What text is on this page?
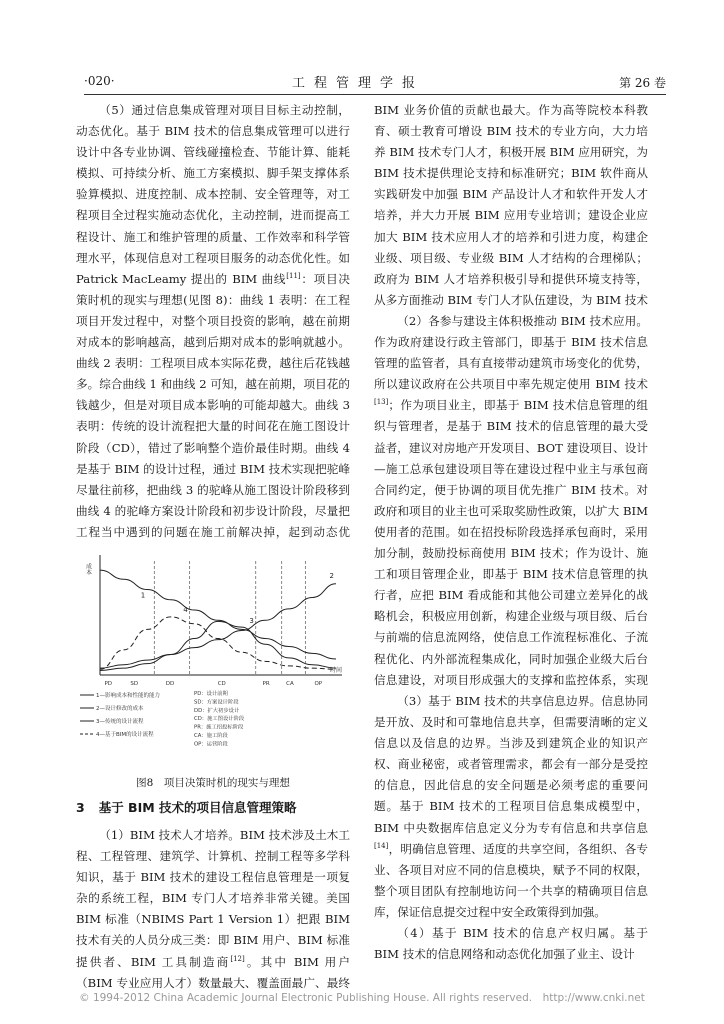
·020·	工程管理学报	第 26 卷

（5）通过信息集成管理对项目目标主动控制，动态优化。基于 BIM 技术的信息集成管理可以进行设计中各专业协调、管线碰撞检查、节能计算、能耗模拟、可持续分析、施工方案模拟、脚手架支撑体系验算模拟、进度控制、成本控制、安全管理等，对工程项目全过程实施动态优化，主动控制，进而提高工程设计、施工和维护管理的质量、工作效率和科学管理水平，体现信息对工程项目服务的动态优化性。如 Patrick MacLeamy 提出的 BIM 曲线[11]：项目决策时机的现实与理想(见图 8)：曲线 1 表明：在工程项目开发过程中，对整个项目投资的影响，越在前期对成本的影响越高，越到后期对成本的影响就越小。曲线 2 表明：工程项目成本实际花费，越往后花钱越多。综合曲线 1 和曲线 2 可知，越在前期，项目花的钱越少，但是对项目成本影响的可能却越大。曲线 3 表明：传统的设计流程把大量的时间花在施工图设计阶段（CD），错过了影响整个造价最佳时期。曲线 4 是基于 BIM 的设计过程，通过 BIM 技术实现把驼峰尽量往前移，把曲线 3 的驼峰从施工图设计阶段移到曲线 4 的驼峰方案设计阶段和初步设计阶段，尽量把工程当中遇到的问题在施工前解决掉，起到动态优

成本
时间
1
2
3
4
PD	SD	DD	CD	PR	CA	OP
1—影响成本和性能的能力
2—设计修改的成本
3—传统的设计流程
4—基于BIM的设计流程
PD：设计前期
SD：方案设计阶段
DD：扩大初步设计
CD：施工图设计阶段
PR：施工招投标阶段
CA：施工阶段
OP：运营阶段
图8　项目决策时机的现实与理想
3 基于 BIM 技术的项目信息管理策略

（1）BIM 技术人才培养。BIM 技术涉及土木工程、工程管理、建筑学、计算机、控制工程等多学科知识，基于 BIM 技术的建设工程信息管理是一项复杂的系统工程，BIM 专门人才培养非常关键。美国 BIM 标准（NBIMS Part 1 Version 1）把跟 BIM 技术有关的人员分成三类：即 BIM 用户、BIM 标准提供者、BIM 工具制造商[12]。其中 BIM 用户（BIM 专业应用人才）数量最大、覆盖面最广、最终

BIM 业务价值的贡献也最大。作为高等院校本科教育、硕士教育可增设 BIM 技术的专业方向，大力培养 BIM 技术专门人才，积极开展 BIM 应用研究，为 BIM 技术提供理论支持和标准研究；BIM 软件商从实践研发中加强 BIM 产品设计人才和软件开发人才培养，并大力开展 BIM 应用专业培训；建设企业应加大 BIM 技术应用人才的培养和引进力度，构建企业级、项目级、专业级 BIM 人才结构的合理梯队；政府为 BIM 人才培养积极引导和提供环境支持等，从多方面推动 BIM 专门人才队伍建设，为 BIM 技术

（2）各参与建设主体积极推动 BIM 技术应用。作为政府建设行政主管部门，即基于 BIM 技术信息管理的监管者，具有直接带动建筑市场变化的优势，所以建议政府在公共项目中率先规定使用 BIM 技术[13]；作为项目业主，即基于 BIM 技术信息管理的组织与管理者，是基于 BIM 技术的信息管理的最大受益者，建议对房地产开发项目、BOT 建设项目、设计—施工总承包建设项目等在建设过程中业主与承包商合同约定，便于协调的项目优先推广 BIM 技术。对政府和项目的业主也可采取奖励性政策，以扩大 BIM 使用者的范围。如在招投标阶段选择承包商时，采用加分制，鼓励投标商使用 BIM 技术；作为设计、施工和项目管理企业，即基于 BIM 技术信息管理的执行者，应把 BIM 看成能和其他公司建立差异化的战略机会，积极应用创新，构建企业级与项目级、后台与前端的信息流网络，使信息工作流程标准化、子流程优化、内外部流程集成化，同时加强企业级大后台信息建设，对项目形成强大的支撑和监控体系，实现

（3）基于 BIM 技术的共享信息边界。信息协同是开放、及时和可靠地信息共享，但需要清晰的定义信息以及信息的边界。当涉及到建筑企业的知识产权、商业秘密，或者管理需求，都会有一部分是受控的信息，因此信息的安全问题是必须考虑的重要问题。基于 BIM 技术的工程项目信息集成模型中，BIM 中央数据库信息定义分为专有信息和共享信息[14]，明确信息管理、适度的共享空间，各组织、各专业、各项目对应不同的信息模块，赋予不同的权限，整个项目团队有控制地访问一个共享的精确项目信息库，保证信息提交过程中安全政策得到加强。

（4）基于 BIM 技术的信息产权归属。基于 BIM 技术的信息网络和动态优化加强了业主、设计

© 1994-2012 China Academic Journal Electronic Publishing House. All rights reserved.　http://www.cnki.net
